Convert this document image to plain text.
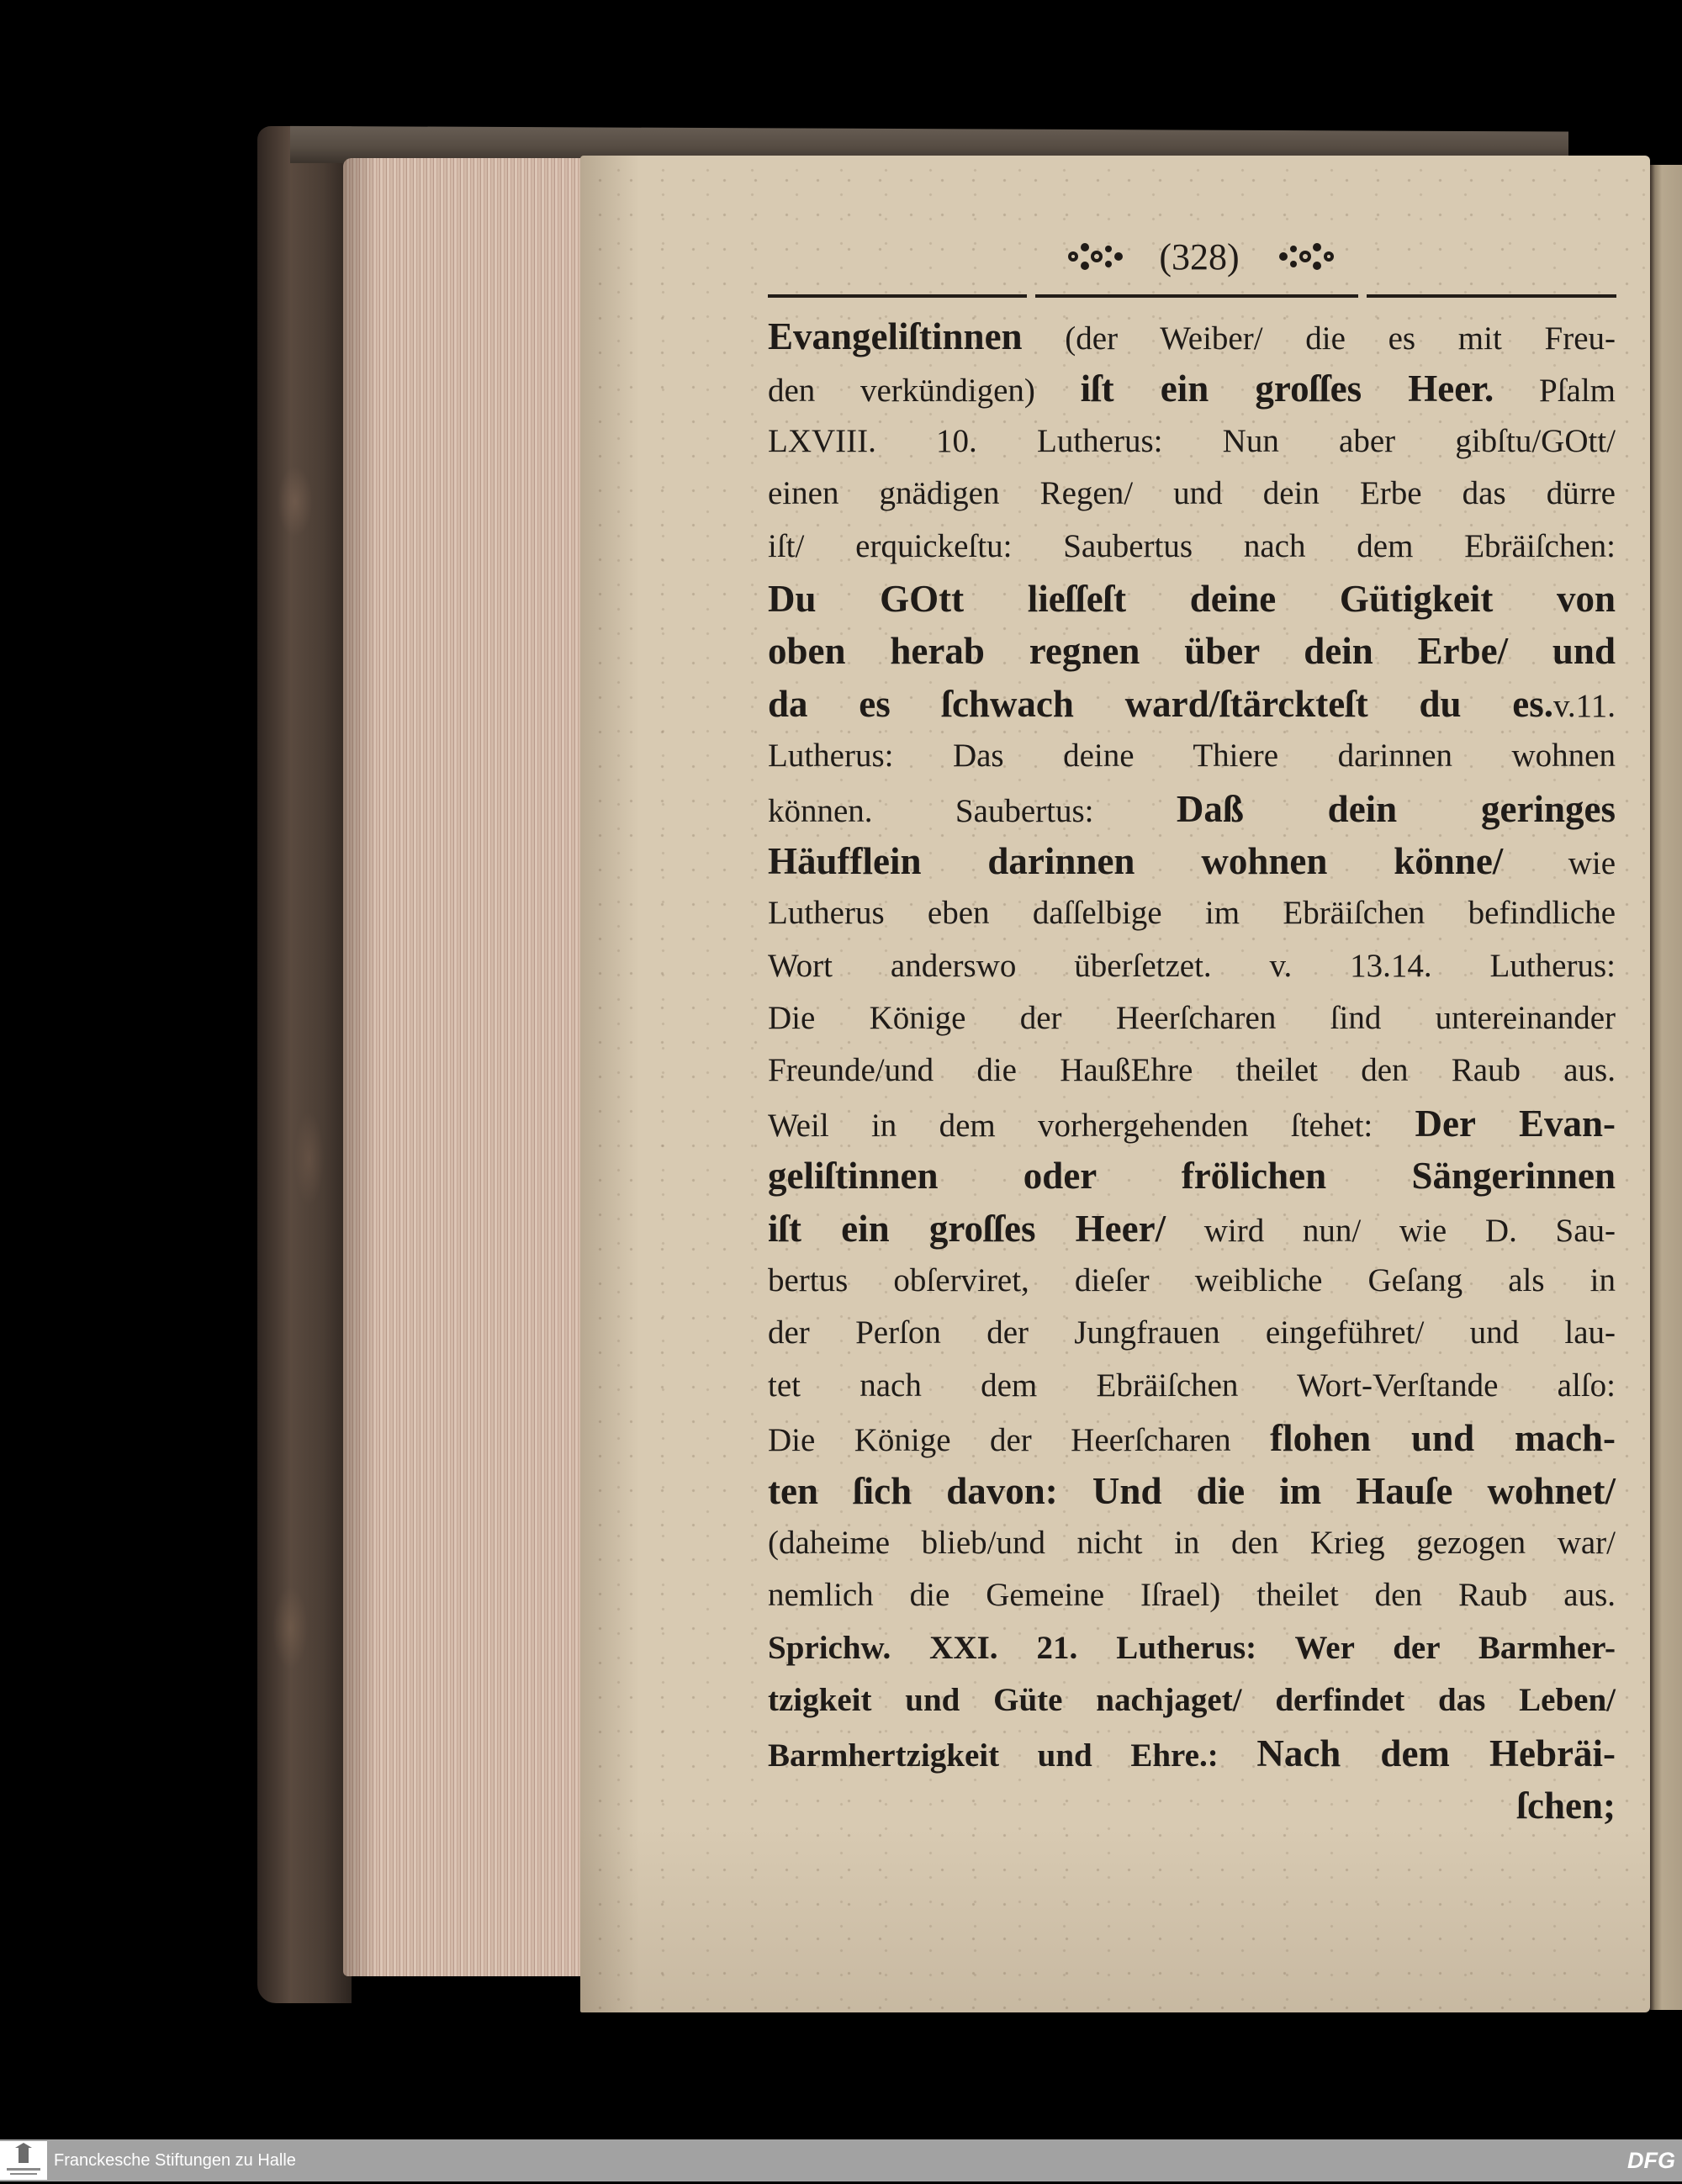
(328)
Evangeliſtinnen (der Weiber/ die es mit Freu-
den verkündigen) iſt ein groſſes Heer. Pſalm
LXVIII. 10. Lutherus: Nun aber gibſtu/GOtt/
einen gnädigen Regen/ und dein Erbe das dürre
iſt/ erquickeſtu: Saubertus nach dem Ebräiſchen:
Du GOtt lieſſeſt deine Gütigkeit von
oben herab regnen über dein Erbe/ und
da es ſchwach ward/ſtärckteſt du es.v.11.
Lutherus: Das deine Thiere darinnen wohnen
können. Saubertus: Daß dein geringes
Häufflein darinnen wohnen könne/ wie
Lutherus eben daſſelbige im Ebräiſchen befindliche
Wort anderswo überſetzet. v. 13.14. Lutherus:
Die Könige der Heerſcharen ſind untereinander
Freunde/und die HaußEhre theilet den Raub aus.
Weil in dem vorhergehenden ſtehet: Der Evan-
geliſtinnen oder frölichen Sängerinnen
iſt ein groſſes Heer/ wird nun/ wie D. Sau-
bertus obſerviret, dieſer weibliche Geſang als in
der Perſon der Jungfrauen eingeführet/ und lau-
tet nach dem Ebräiſchen Wort-Verſtande alſo:
Die Könige der Heerſcharen flohen und mach-
ten ſich davon: Und die im Hauſe wohnet/
(daheime blieb/und nicht in den Krieg gezogen war/
nemlich die Gemeine Iſrael) theilet den Raub aus.
Sprichw. XXI. 21. Lutherus: Wer der Barmher-
tzigkeit und Güte nachjaget/ derfindet das Leben/
Barmhertzigkeit und Ehre.: Nach dem Hebräi-
ſchen;
Franckesche Stiftungen zu Halle	DFG
